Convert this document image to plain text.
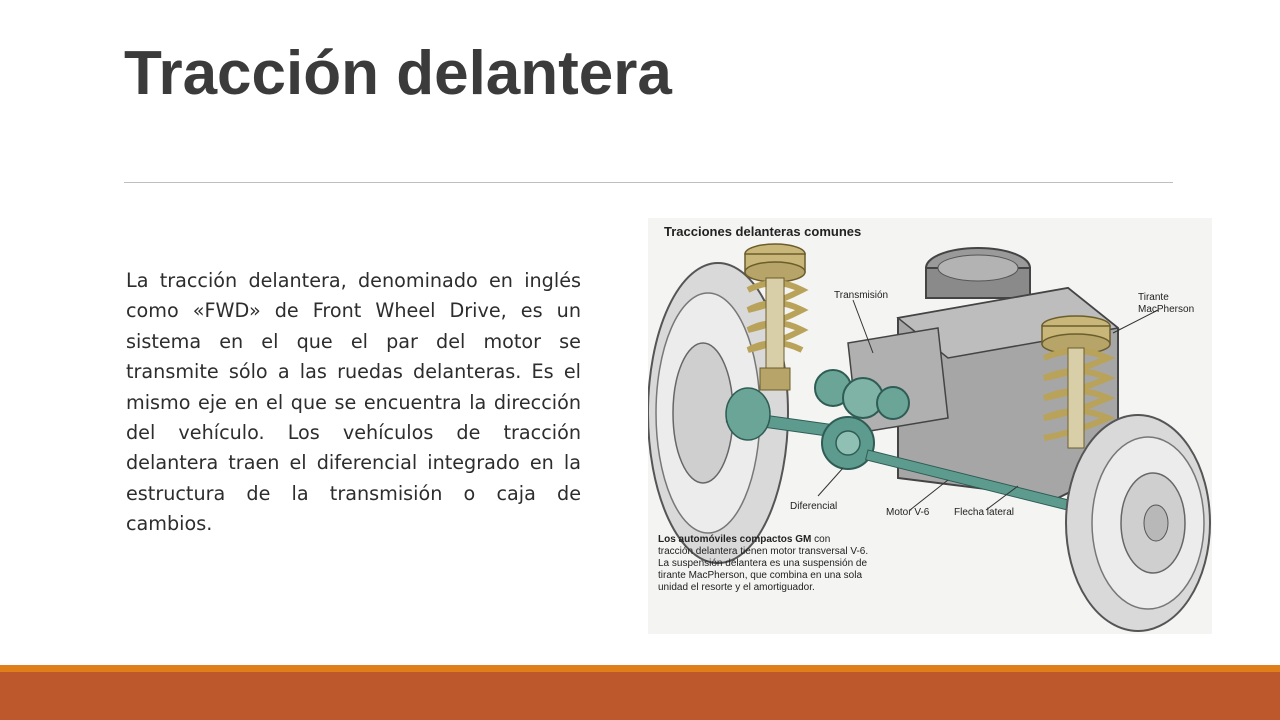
Tracción delantera

La tracción delantera, denominado en inglés como «FWD» de Front Wheel Drive, es un sistema en el que el par del motor se transmite sólo a las ruedas delanteras. Es el mismo eje en el que se encuentra la dirección del vehículo. Los vehículos de tracción delantera traen el diferencial integrado en la estructura de la transmisión o caja de cambios.

Tracciones delanteras comunes
Transmisión	Tirante
MacPherson
Diferencial
Motor V-6 Flecha lateral
Los automóviles compactos GM con
tracción delantera tienen motor transversal V-6.
La suspensión delantera es una suspensión de
tirante MacPherson, que combina en una sola
unidad el resorte y el amortiguador.
